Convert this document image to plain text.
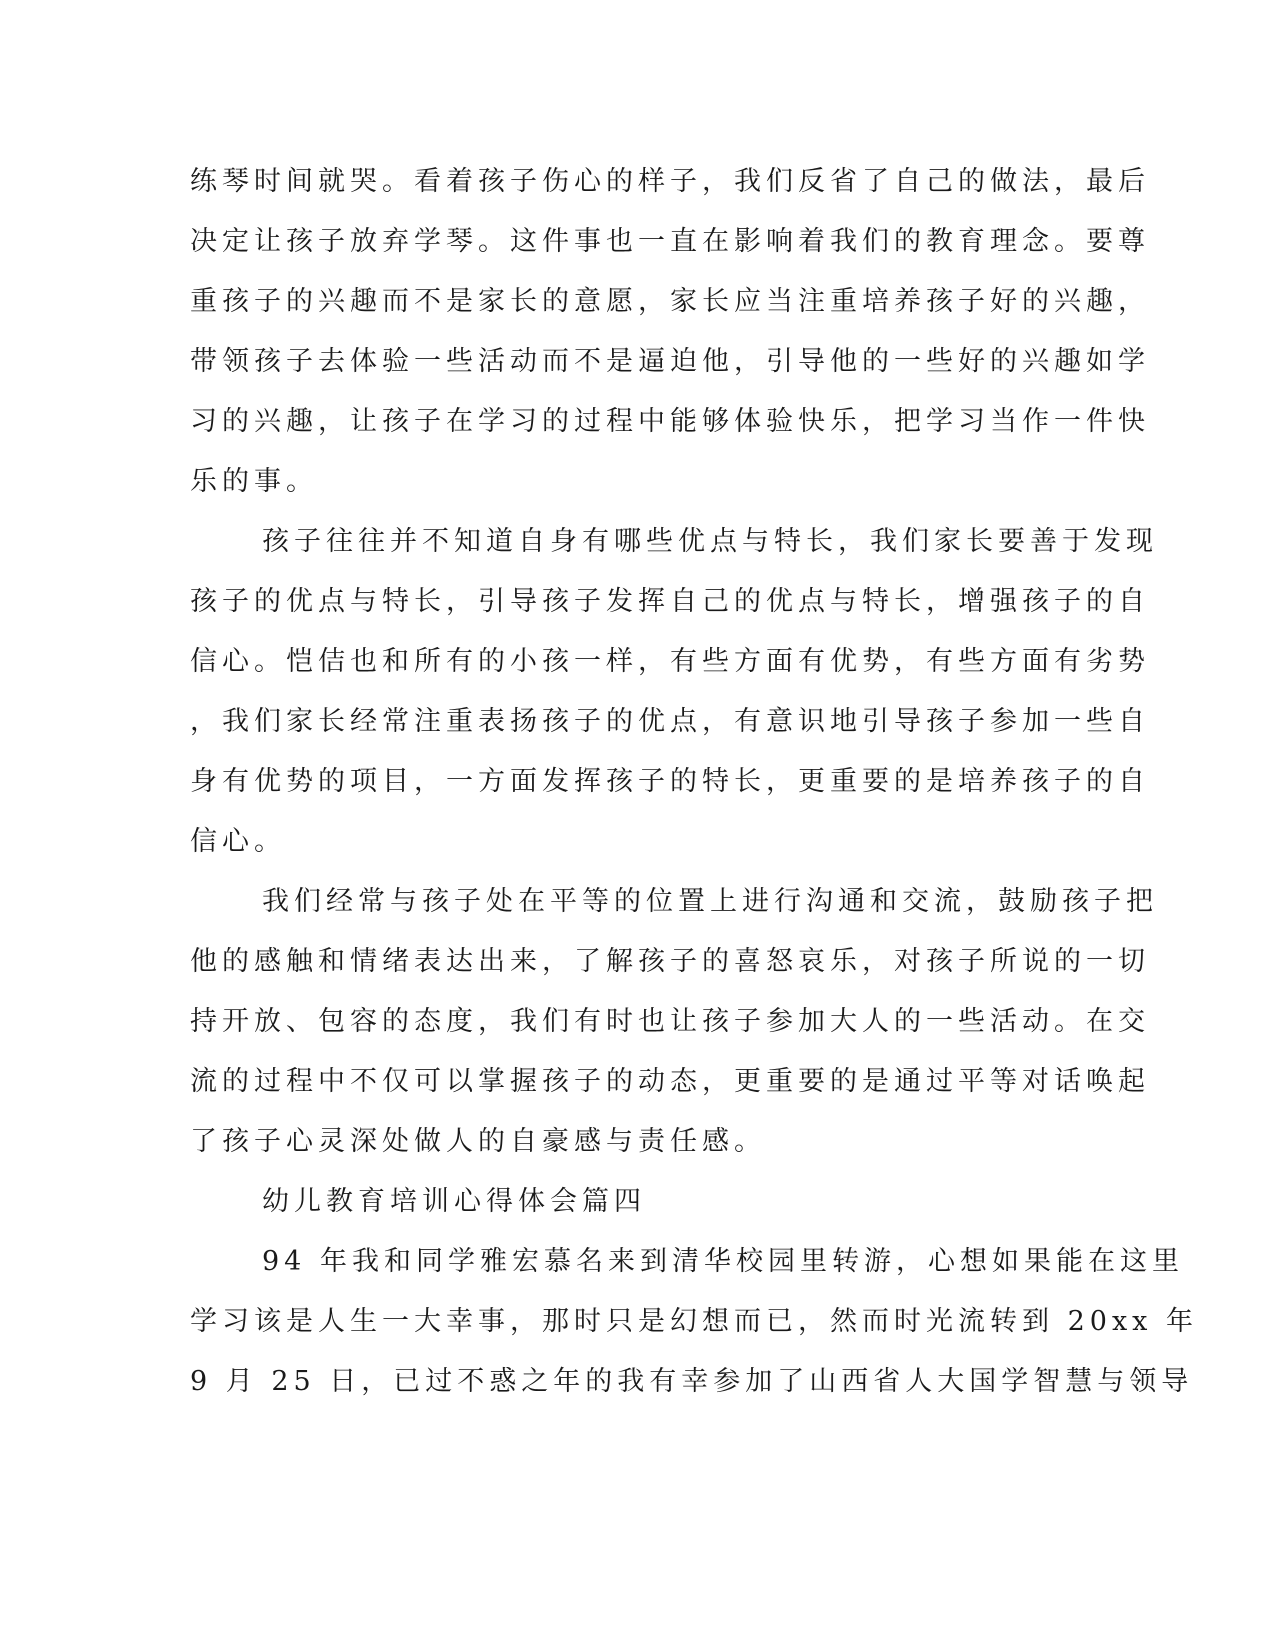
练琴时间就哭。看着孩子伤心的样子，我们反省了自己的做法，最后
决定让孩子放弃学琴。这件事也一直在影响着我们的教育理念。要尊
重孩子的兴趣而不是家长的意愿，家长应当注重培养孩子好的兴趣，
带领孩子去体验一些活动而不是逼迫他，引导他的一些好的兴趣如学
习的兴趣，让孩子在学习的过程中能够体验快乐，把学习当作一件快
乐的事。
孩子往往并不知道自身有哪些优点与特长，我们家长要善于发现
孩子的优点与特长，引导孩子发挥自己的优点与特长，增强孩子的自
信心。恺佶也和所有的小孩一样，有些方面有优势，有些方面有劣势
，我们家长经常注重表扬孩子的优点，有意识地引导孩子参加一些自
身有优势的项目，一方面发挥孩子的特长，更重要的是培养孩子的自
信心。
我们经常与孩子处在平等的位置上进行沟通和交流，鼓励孩子把
他的感触和情绪表达出来，了解孩子的喜怒哀乐，对孩子所说的一切
持开放、包容的态度，我们有时也让孩子参加大人的一些活动。在交
流的过程中不仅可以掌握孩子的动态，更重要的是通过平等对话唤起
了孩子心灵深处做人的自豪感与责任感。
幼儿教育培训心得体会篇四
94 年我和同学雅宏慕名来到清华校园里转游，心想如果能在这里
学习该是人生一大幸事，那时只是幻想而已，然而时光流转到 20xx 年
9 月 25 日，已过不惑之年的我有幸参加了山西省人大国学智慧与领导
